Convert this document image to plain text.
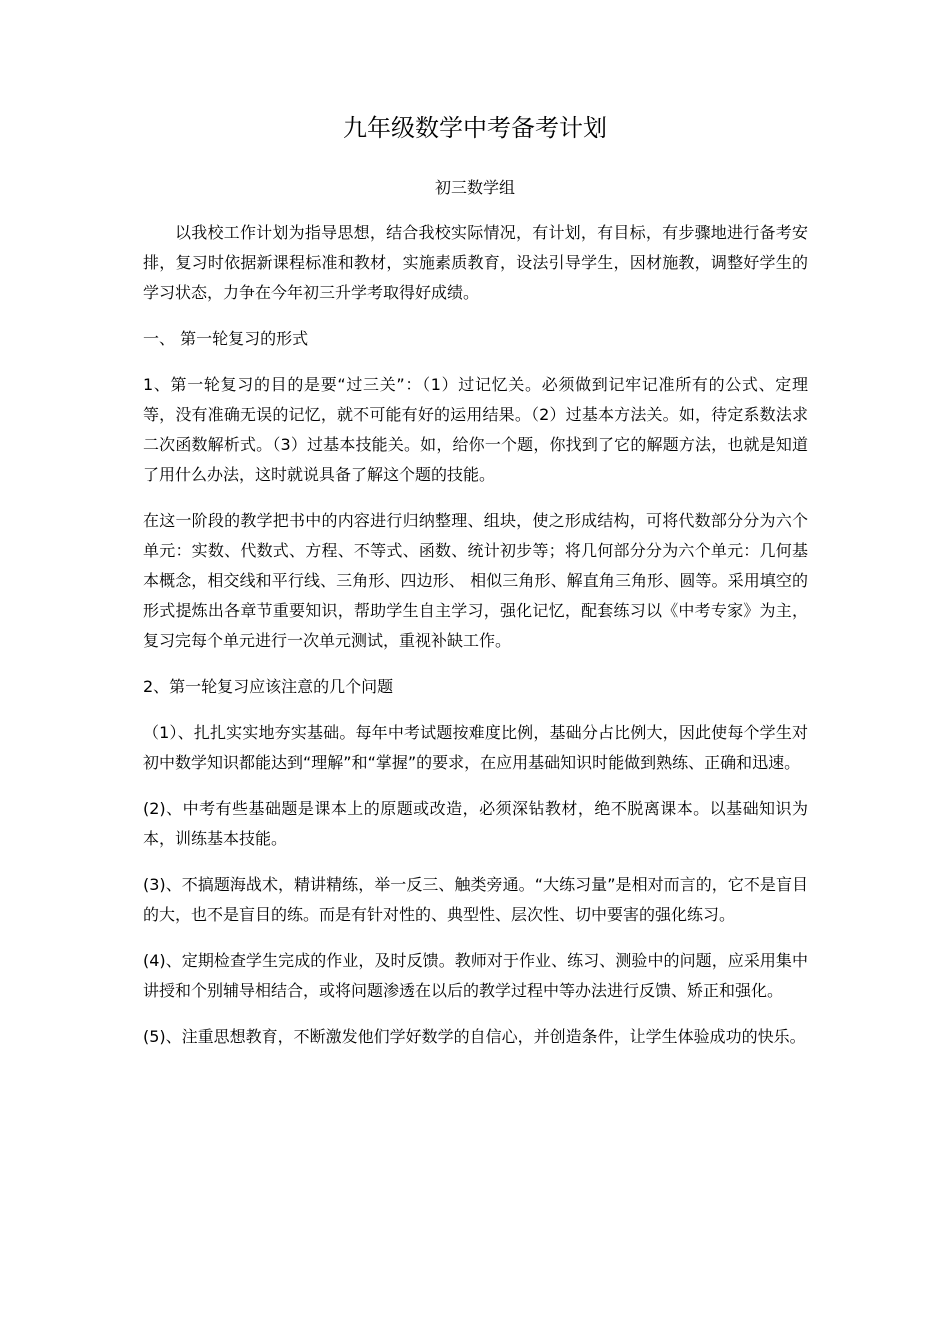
九年级数学中考备考计划
初三数学组

以我校工作计划为指导思想，结合我校实际情况，有计划，有目标，有步骤地进行备考安排，复习时依据新课程标准和教材，实施素质教育，设法引导学生，因材施教，调整好学生的学习状态，力争在今年初三升学考取得好成绩。

一、 第一轮复习的形式

1、第一轮复习的目的是要“过三关”：（1）过记忆关。必须做到记牢记准所有的公式、定理等，没有准确无误的记忆，就不可能有好的运用结果。（2）过基本方法关。如，待定系数法求二次函数解析式。（3）过基本技能关。如，给你一个题，你找到了它的解题方法，也就是知道了用什么办法，这时就说具备了解这个题的技能。

在这一阶段的教学把书中的内容进行归纳整理、组块，使之形成结构，可将代数部分分为六个单元：实数、代数式、方程、不等式、函数、统计初步等；将几何部分分为六个单元：几何基本概念，相交线和平行线、三角形、四边形、 相似三角形、解直角三角形、圆等。采用填空的形式提炼出各章节重要知识，帮助学生自主学习，强化记忆，配套练习以《中考专家》为主，复习完每个单元进行一次单元测试，重视补缺工作。

2、第一轮复习应该注意的几个问题

（1）、扎扎实实地夯实基础。每年中考试题按难度比例，基础分占比例大，因此使每个学生对初中数学知识都能达到“理解”和“掌握”的要求，在应用基础知识时能做到熟练、正确和迅速。

(2)、中考有些基础题是课本上的原题或改造，必须深钻教材，绝不脱离课本。以基础知识为本，训练基本技能。

(3)、不搞题海战术，精讲精练，举一反三、触类旁通。“大练习量”是相对而言的，它不是盲目的大，也不是盲目的练。而是有针对性的、典型性、层次性、切中要害的强化练习。

(4)、定期检查学生完成的作业，及时反馈。教师对于作业、练习、测验中的问题，应采用集中讲授和个别辅导相结合，或将问题渗透在以后的教学过程中等办法进行反馈、矫正和强化。

(5)、注重思想教育，不断激发他们学好数学的自信心，并创造条件，让学生体验成功的快乐。
